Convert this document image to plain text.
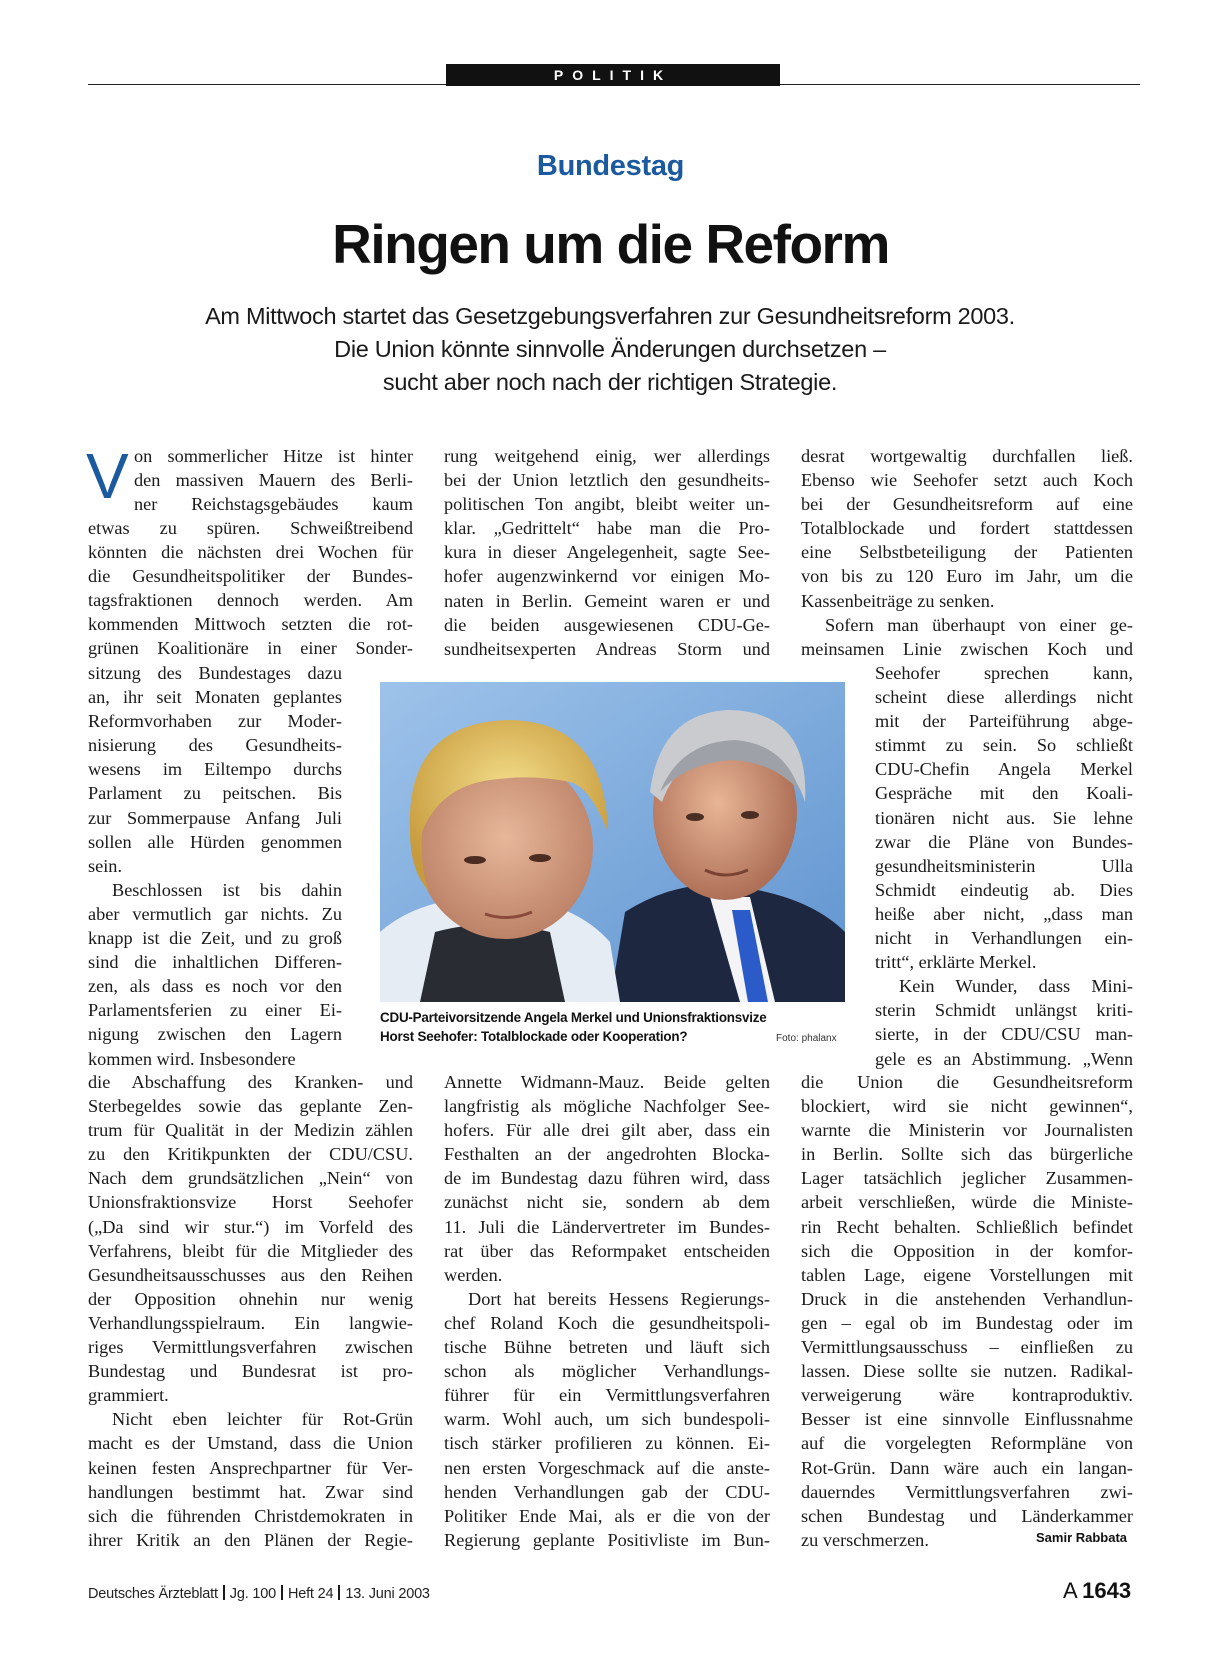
POLITIK
Bundestag
Ringen um die Reform
Am Mittwoch startet das Gesetzgebungsverfahren zur Gesundheitsreform 2003.
Die Union könnte sinnvolle Änderungen durchsetzen –
sucht aber noch nach der richtigen Strategie.
V on sommerlicher Hitze ist hinter
den massiven Mauern des Berli-
ner Reichstagsgebäudes kaum
etwas zu spüren. Schweißtreibend
könnten die nächsten drei Wochen für
die Gesundheitspolitiker der Bundes-
tagsfraktionen dennoch werden. Am
kommenden Mittwoch setzten die rot-
grünen Koalitionäre in einer Sonder-
sitzung des Bundestages dazu
an, ihr seit Monaten geplantes
Reformvorhaben zur Moder-
nisierung des Gesundheits-
wesens im Eiltempo durchs
Parlament zu peitschen. Bis
zur Sommerpause Anfang Juli
sollen alle Hürden genommen
sein.
Beschlossen ist bis dahin
aber vermutlich gar nichts. Zu
knapp ist die Zeit, und zu groß
sind die inhaltlichen Differen-
zen, als dass es noch vor den
Parlamentsferien zu einer Ei-
nigung zwischen den Lagern
kommen wird. Insbesondere
die Abschaffung des Kranken- und
Sterbegeldes sowie das geplante Zen-
trum für Qualität in der Medizin zählen
zu den Kritikpunkten der CDU/CSU.
Nach dem grundsätzlichen „Nein“ von
Unionsfraktionsvize Horst Seehofer
(„Da sind wir stur.“) im Vorfeld des
Verfahrens, bleibt für die Mitglieder des
Gesundheitsausschusses aus den Reihen
der Opposition ohnehin nur wenig
Verhandlungsspielraum. Ein langwie-
riges Vermittlungsverfahren zwischen
Bundestag und Bundesrat ist pro-
grammiert.
Nicht eben leichter für Rot-Grün
macht es der Umstand, dass die Union
keinen festen Ansprechpartner für Ver-
handlungen bestimmt hat. Zwar sind
sich die führenden Christdemokraten in
ihrer Kritik an den Plänen der Regie-
rung weitgehend einig, wer allerdings
bei der Union letztlich den gesundheits-
politischen Ton angibt, bleibt weiter un-
klar. „Gedrittelt“ habe man die Pro-
kura in dieser Angelegenheit, sagte See-
hofer augenzwinkernd vor einigen Mo-
naten in Berlin. Gemeint waren er und
die beiden ausgewiesenen CDU-Ge-
sundheitsexperten Andreas Storm und
Annette Widmann-Mauz. Beide gelten
langfristig als mögliche Nachfolger See-
hofers. Für alle drei gilt aber, dass ein
Festhalten an der angedrohten Blocka-
de im Bundestag dazu führen wird, dass
zunächst nicht sie, sondern ab dem
11. Juli die Ländervertreter im Bundes-
rat über das Reformpaket entscheiden
werden.
Dort hat bereits Hessens Regierungs-
chef Roland Koch die gesundheitspoli-
tische Bühne betreten und läuft sich
schon als möglicher Verhandlungs-
führer für ein Vermittlungsverfahren
warm. Wohl auch, um sich bundespoli-
tisch stärker profilieren zu können. Ei-
nen ersten Vorgeschmack auf die anste-
henden Verhandlungen gab der CDU-
Politiker Ende Mai, als er die von der
Regierung geplante Positivliste im Bun-
desrat wortgewaltig durchfallen ließ.
Ebenso wie Seehofer setzt auch Koch
bei der Gesundheitsreform auf eine
Totalblockade und fordert stattdessen
eine Selbstbeteiligung der Patienten
von bis zu 120 Euro im Jahr, um die
Kassenbeiträge zu senken.
Sofern man überhaupt von einer ge-
meinsamen Linie zwischen Koch und
Seehofer sprechen kann,
scheint diese allerdings nicht
mit der Parteiführung abge-
stimmt zu sein. So schließt
CDU-Chefin Angela Merkel
Gespräche mit den Koali-
tionären nicht aus. Sie lehne
zwar die Pläne von Bundes-
gesundheitsministerin Ulla
Schmidt eindeutig ab. Dies
heiße aber nicht, „dass man
nicht in Verhandlungen ein-
tritt“, erklärte Merkel.
Kein Wunder, dass Mini-
sterin Schmidt unlängst kriti-
sierte, in der CDU/CSU man-
gele es an Abstimmung. „Wenn
die Union die Gesundheitsreform
blockiert, wird sie nicht gewinnen“,
warnte die Ministerin vor Journalisten
in Berlin. Sollte sich das bürgerliche
Lager tatsächlich jeglicher Zusammen-
arbeit verschließen, würde die Ministe-
rin Recht behalten. Schließlich befindet
sich die Opposition in der komfor-
tablen Lage, eigene Vorstellungen mit
Druck in die anstehenden Verhandlun-
gen – egal ob im Bundestag oder im
Vermittlungsausschuss – einfließen zu
lassen. Diese sollte sie nutzen. Radikal-
verweigerung wäre kontraproduktiv.
Besser ist eine sinnvolle Einflussnahme
auf die vorgelegten Reformpläne von
Rot-Grün. Dann wäre auch ein langan-
dauerndes Vermittlungsverfahren zwi-
schen Bundestag und Länderkammer
zu verschmerzen.
CDU-Parteivorsitzende Angela Merkel und Unionsfraktionsvize
Horst Seehofer: Totalblockade oder Kooperation?	Foto: phalanx
Samir Rabbata
Deutsches Ärzteblatt Jg. 100 Heft 24 13. Juni 2003	A 1643
